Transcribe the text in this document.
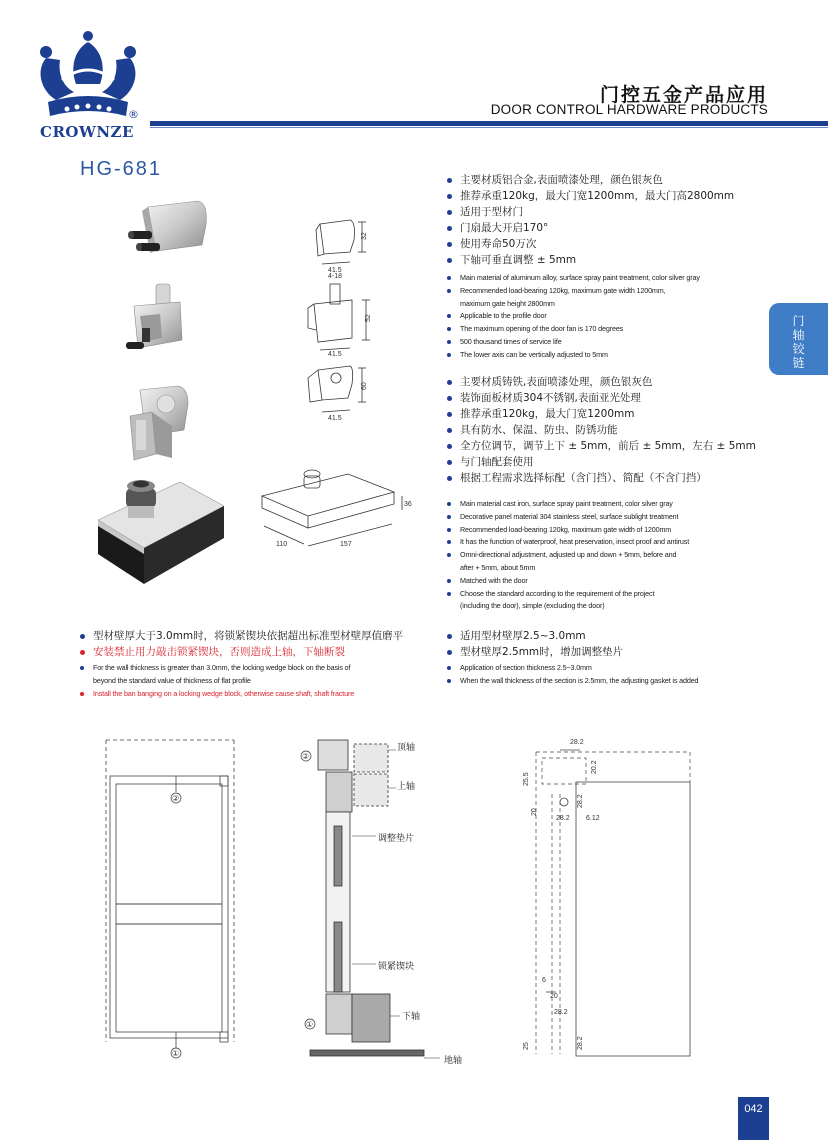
CROWNZE
®
门控五金产品应用
DOOR CONTROL HARDWARE PRODUCTS
HG-681
门
轴
铰
链
32
41.5
4-18
52
41.5
60
41.5
110	157
36
主要材质铝合金,表面喷漆处理，颜色银灰色
推荐承重120kg，最大门宽1200mm，最大门高2800mm
适用于型材门
门扇最大开启170°
使用寿命50万次
下轴可垂直调整 ± 5mm
Main material of aluminum alloy, surface spray paint treatment, color silver gray
Recommended load-bearing 120kg, maximum gate width 1200mm,
maximum gate height 2800mm
Applicable to the profile door
The maximum opening of the door fan is 170 degrees
500 thousand times of service life
The lower axis can be vertically adjusted to 5mm
主要材质铸铁,表面喷漆处理，颜色银灰色
装饰面板材质304不锈钢,表面亚光处理
推荐承重120kg，最大门宽1200mm
具有防水、保温、防虫、防锈功能
全方位调节，调节上下 ± 5mm，前后 ± 5mm，左右 ± 5mm
与门轴配套使用
根据工程需求选择标配（含门挡）、简配（不含门挡）
Main material cast iron, surface spray paint treatment, color silver gray
Decorative panel material 304 stainless steel, surface sublight treatment
Recommended load-bearing 120kg, maximum gate width of 1200mm
It has the function of waterproof, heat preservation, insect proof and antirust
Omni-directional adjustment, adjusted up and down + 5mm, before and
after + 5mm, about 5mm
Matched with the door
Choose the standard according to the requirement of the project
(including the door), simple (excluding the door)
型材壁厚大于3.0mm时，将锁紧锲块依据超出标准型材壁厚值磨平
安装禁止用力敲击锁紧锲块，否则造成上轴，下轴断裂
For the wall thickness is greater than 3.0mm, the locking wedge block on the basis of
beyond the standard value of thickness of flat profile
Install the ban banging on a locking wedge block, otherwise cause shaft, shaft fracture
适用型材壁厚2.5~3.0mm
型材壁厚2.5mm时，增加调整垫片
Application of section thickness 2.5~3.0mm
When the wall thickness of the section is 2.5mm, the adjusting gasket is added
②
①
②
①
顶轴
上轴
调整垫片
锁紧锲块
下轴
地轴
28.2
20.2
25.5
20
28.2
28.2 6.12
6
20
28.2
25	28.2
042
